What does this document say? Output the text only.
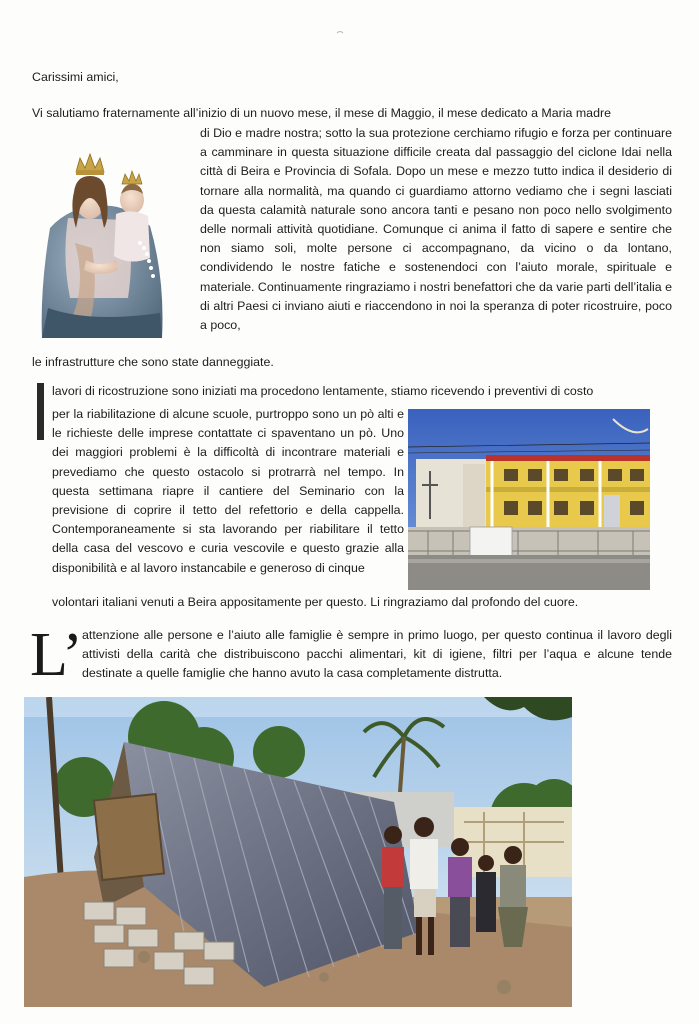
Carissimi amici,

Vi salutiamo fraternamente all’inizio di un nuovo mese, il mese di Maggio, il mese dedicato a Maria madre

di Dio e madre nostra; sotto la sua protezione cerchiamo rifugio e forza per continuare a camminare in questa situazione difficile creata dal passaggio del ciclone Idai nella città di Beira e Provincia di Sofala. Dopo un mese e mezzo tutto indica il desiderio di tornare alla normalità, ma quando ci guardiamo attorno vediamo che i segni lasciati da questa calamità naturale sono ancora tanti e pesano non poco nello svolgimento delle normali attività quotidiane. Comunque ci anima il fatto di sapere e sentire che non siamo soli, molte persone ci accompagnano, da vicino o da lontano, condividendo le nostre fatiche e sostenendoci con l’aiuto morale, spirituale e materiale. Continuamente ringraziamo i nostri benefattori che da varie parti dell’italia e di altri Paesi ci inviano aiuti e riaccendono in noi la speranza di poter ricostruire, poco a poco,

le infrastrutture che sono state danneggiate.

lavori di ricostruzione sono iniziati ma procedono lentamente, stiamo ricevendo i preventivi di costo

per la riabilitazione di alcune scuole, purtroppo sono un pò alti e le richieste delle imprese contattate ci spaventano un pò. Uno dei maggiori problemi è la difficoltà di incontrare materiali e prevediamo che questo ostacolo si protrarrà nel tempo. In questa settimana riapre il cantiere del Seminario con la previsione di coprire il tetto del refettorio e della cappella. Contemporaneamente si sta lavorando per riabilitare il tetto della casa del vescovo e curia vescovile e questo grazie alla disponibilità e al lavoro instancabile e generoso di cinque

volontari italiani venuti a Beira appositamente per questo. Li ringraziamo dal profondo del cuore.

L’ attenzione alle persone e l’aiuto alle famiglie è sempre in primo luogo, per questo continua il lavoro degli attivisti della carità che distribuiscono pacchi alimentari, kit di igiene, filtri per l’aqua e alcune tende destinate a quelle famiglie che hanno avuto la casa completamente distrutta.
